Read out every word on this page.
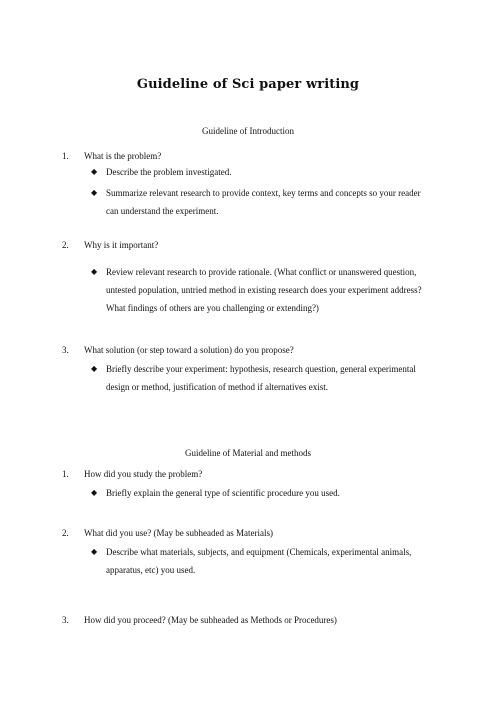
Guideline of Sci paper writing
Guideline of Introduction
1. What is the problem?
◆ Describe the problem investigated.
◆ Summarize relevant research to provide context, key terms and concepts so your reader can understand the experiment.
2. Why is it important?
◆ Review relevant research to provide rationale. (What conflict or unanswered question, untested population, untried method in existing research does your experiment address? What findings of others are you challenging or extending?)
3. What solution (or step toward a solution) do you propose?
◆ Briefly describe your experiment: hypothesis, research question, general experimental design or method, justification of method if alternatives exist.
Guideline of Material and methods
1. How did you study the problem?
◆ Briefly explain the general type of scientific procedure you used.
2. What did you use? (May be subheaded as Materials)
◆ Describe what materials, subjects, and equipment (Chemicals, experimental animals, apparatus, etc) you used.
3. How did you proceed? (May be subheaded as Methods or Procedures)
